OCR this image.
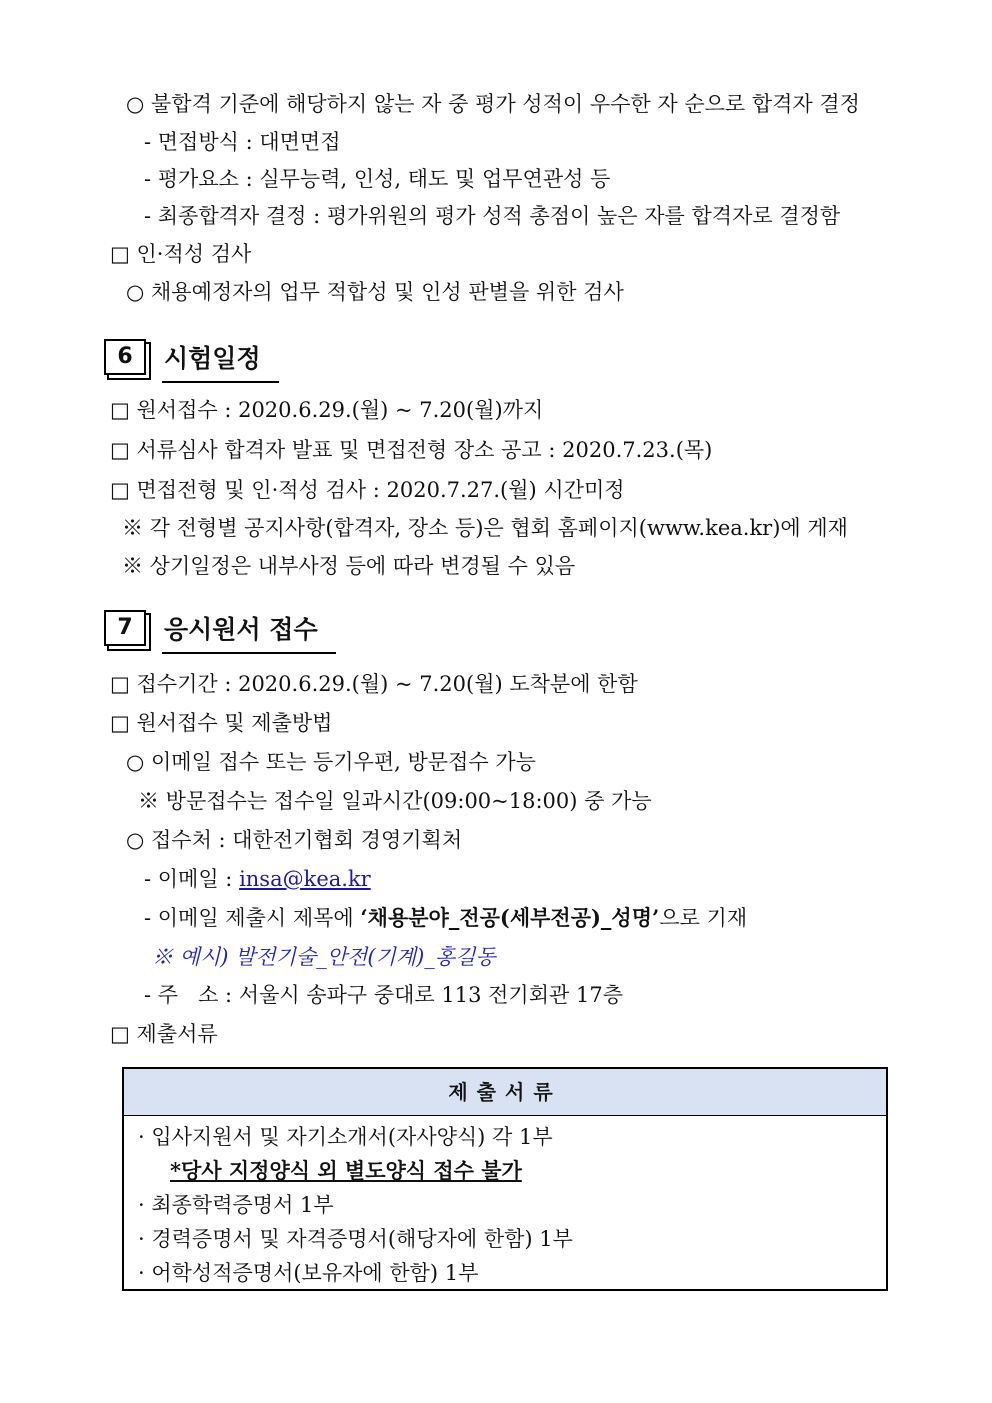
○ 불합격 기준에 해당하지 않는 자 중 평가 성적이 우수한 자 순으로 합격자 결정
- 면접방식 : 대면면접
- 평가요소 : 실무능력, 인성, 태도 및 업무연관성 등
- 최종합격자 결정 : 평가위원의 평가 성적 총점이 높은 자를 합격자로 결정함
□ 인·적성 검사
○ 채용예정자의 업무 적합성 및 인성 판별을 위한 검사
6	시험일정
□ 원서접수 : 2020.6.29.(월) ~ 7.20(월)까지
□ 서류심사 합격자 발표 및 면접전형 장소 공고 : 2020.7.23.(목)
□ 면접전형 및 인·적성 검사 : 2020.7.27.(월) 시간미정
※ 각 전형별 공지사항(합격자, 장소 등)은 협회 홈페이지(www.kea.kr)에 게재
※ 상기일정은 내부사정 등에 따라 변경될 수 있음
7	응시원서 접수
□ 접수기간 : 2020.6.29.(월) ~ 7.20(월) 도착분에 한함
□ 원서접수 및 제출방법
○ 이메일 접수 또는 등기우편, 방문접수 가능
※ 방문접수는 접수일 일과시간(09:00~18:00) 중 가능
○ 접수처 : 대한전기협회 경영기획처
- 이메일 : insa@kea.kr
- 이메일 제출시 제목에 ‘채용분야_전공(세부전공)_성명’으로 기재
※ 예시) 발전기술_안전(기계)_홍길동
- 주   소 : 서울시 송파구 중대로 113 전기회관 17층
□ 제출서류
제출서류
· 입사지원서 및 자기소개서(자사양식) 각 1부
*당사 지정양식 외 별도양식 접수 불가
· 최종학력증명서 1부
· 경력증명서 및 자격증명서(해당자에 한함) 1부
· 어학성적증명서(보유자에 한함) 1부
